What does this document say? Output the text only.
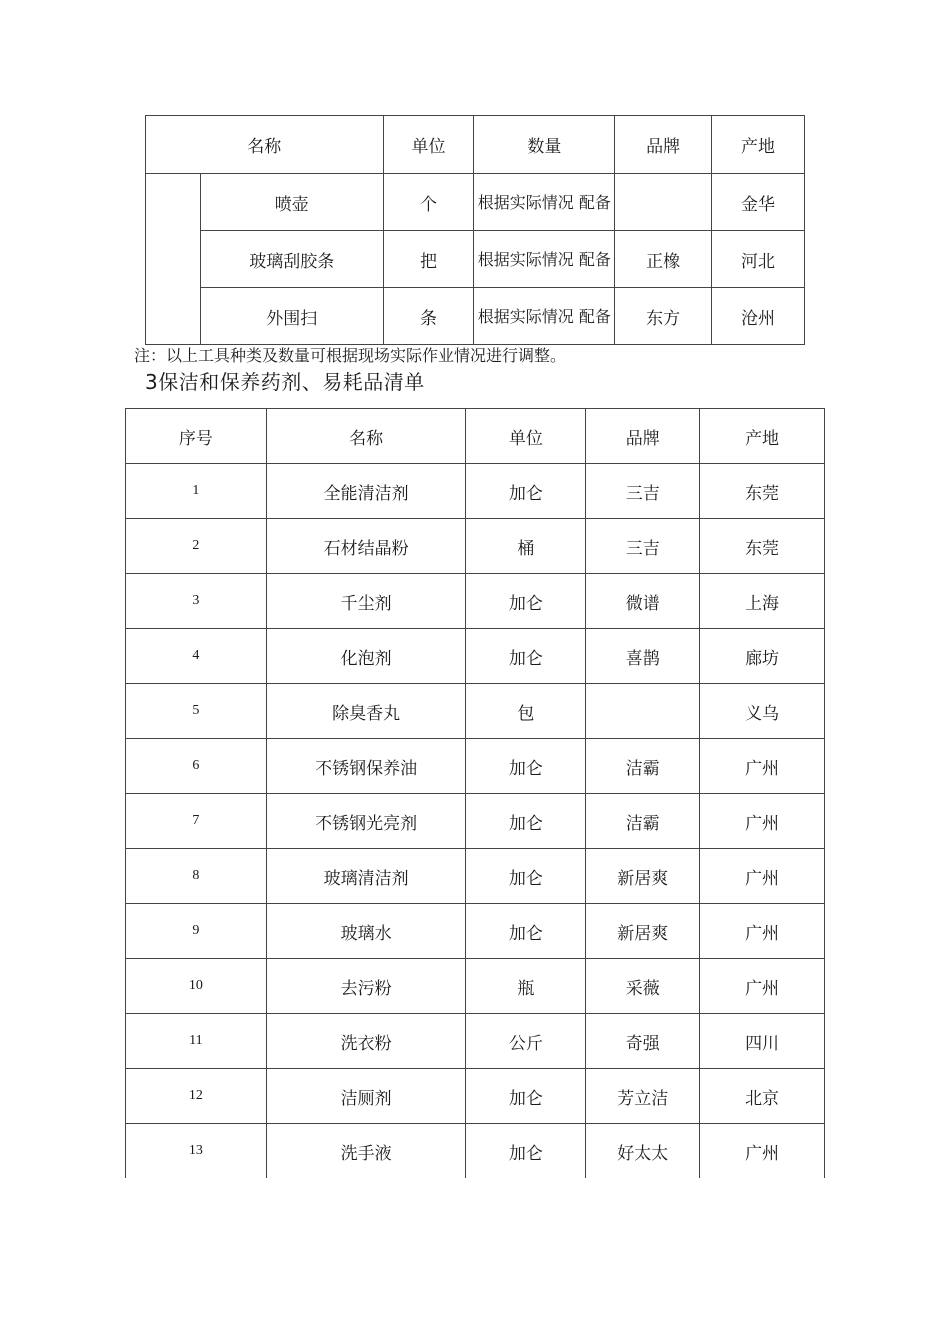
名称		单位	数量	品牌	产地
	喷壶	个	根据实际情况 配备		金华
	玻璃刮胶条	把	根据实际情况 配备	正橡	河北
	外围扫	条	根据实际情况 配备	东方	沧州
注：以上工具种类及数量可根据现场实际作业情况进行调整。
3保洁和保养药剂、易耗品清单
序号	名称	单位	品牌	产地
1	全能清洁剂	加仑	三吉	东莞
2	石材结晶粉	桶	三吉	东莞
3	千尘剂	加仑	微谱	上海
4	化泡剂	加仑	喜鹊	廊坊
5	除臭香丸	包		义乌
6	不锈钢保养油	加仑	洁霸	广州
7	不锈钢光亮剂	加仑	洁霸	广州
8	玻璃清洁剂	加仑	新居爽	广州
9	玻璃水	加仑	新居爽	广州
10	去污粉	瓶	采薇	广州
11	洗衣粉	公斤	奇强	四川
12	洁厕剂	加仑	芳立洁	北京
13	洗手液	加仑	好太太	广州
